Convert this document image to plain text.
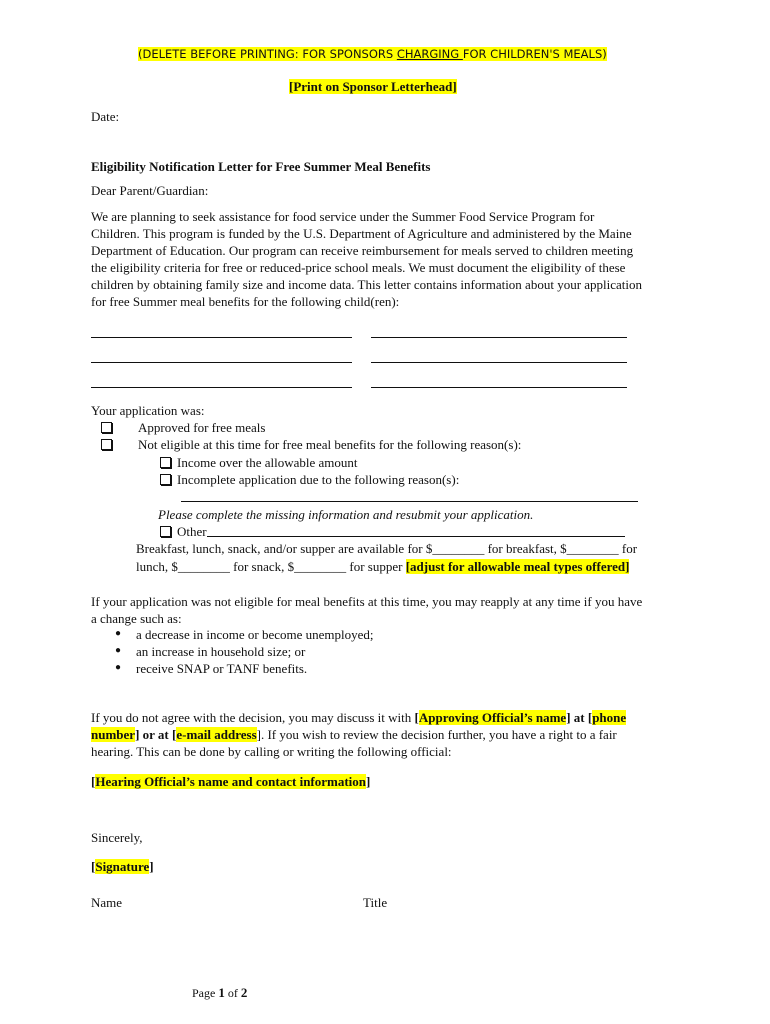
(DELETE BEFORE PRINTING: FOR SPONSORS CHARGING FOR CHILDREN'S MEALS)
[Print on Sponsor Letterhead]
Date:
Eligibility Notification Letter for Free Summer Meal Benefits
Dear Parent/Guardian:
We are planning to seek assistance for food service under the Summer Food Service Program for
Children. This program is funded by the U.S. Department of Agriculture and administered by the Maine
Department of Education. Our program can receive reimbursement for meals served to children meeting
the eligibility criteria for free or reduced-price school meals. We must document the eligibility of these
children by obtaining family size and income data. This letter contains information about your application
for free Summer meal benefits for the following child(ren):
Your application was:
Approved for free meals
Not eligible at this time for free meal benefits for the following reason(s):
Income over the allowable amount
Incomplete application due to the following reason(s):
Please complete the missing information and resubmit your application.
Other
Breakfast, lunch, snack, and/or supper are available for $________ for breakfast, $________ for
lunch, $________ for snack, $________ for supper [adjust for allowable meal types offered]
If your application was not eligible for meal benefits at this time, you may reapply at any time if you have
a change such as:
● a decrease in income or become unemployed;
● an increase in household size; or
● receive SNAP or TANF benefits.
If you do not agree with the decision, you may discuss it with [Approving Official’s name] at [phone
number] or at [e-mail address]. If you wish to review the decision further, you have a right to a fair
hearing. This can be done by calling or writing the following official:
[Hearing Official’s name and contact information]
Sincerely,
[Signature]
Name	Title
Page 1 of 2
